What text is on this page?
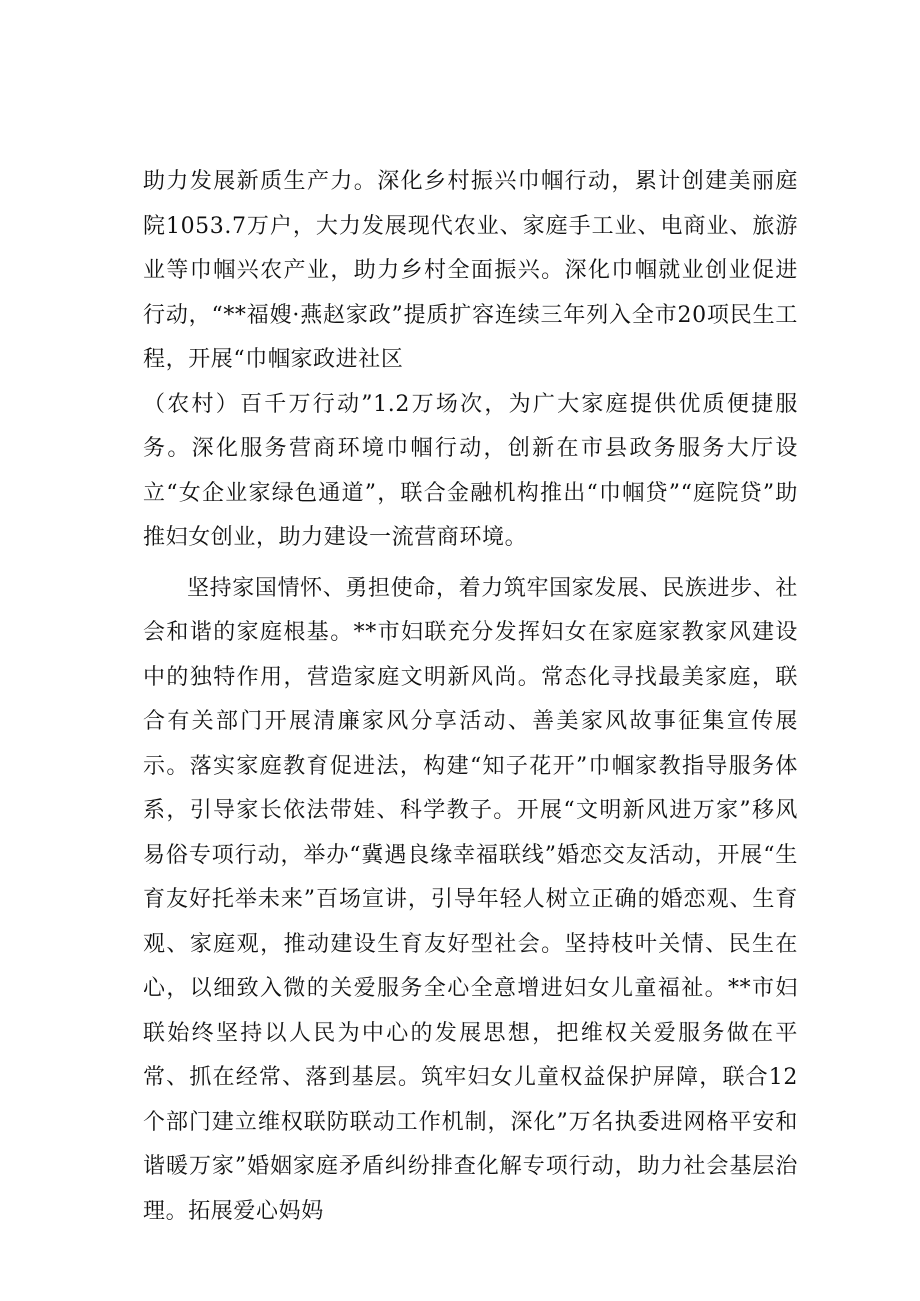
助力发展新质生产力。深化乡村振兴巾帼行动，累计创建美丽庭院1053.7万户，大力发展现代农业、家庭手工业、电商业、旅游业等巾帼兴农产业，助力乡村全面振兴。深化巾帼就业创业促进行动，“**福嫂·燕赵家政”提质扩容连续三年列入全市20项民生工程，开展“巾帼家政进社区

（农村）百千万行动”1.2万场次，为广大家庭提供优质便捷服务。深化服务营商环境巾帼行动，创新在市县政务服务大厅设立“女企业家绿色通道”，联合金融机构推出“巾帼贷”“庭院贷”助推妇女创业，助力建设一流营商环境。

坚持家国情怀、勇担使命，着力筑牢国家发展、民族进步、社会和谐的家庭根基。**市妇联充分发挥妇女在家庭家教家风建设中的独特作用，营造家庭文明新风尚。常态化寻找最美家庭，联合有关部门开展清廉家风分享活动、善美家风故事征集宣传展示。落实家庭教育促进法，构建“知子花开”巾帼家教指导服务体系，引导家长依法带娃、科学教子。开展“文明新风进万家”移风易俗专项行动，举办“冀遇良缘幸福联线”婚恋交友活动，开展“生育友好托举未来”百场宣讲，引导年轻人树立正确的婚恋观、生育观、家庭观，推动建设生育友好型社会。坚持枝叶关情、民生在心，以细致入微的关爱服务全心全意增进妇女儿童福祉。**市妇联始终坚持以人民为中心的发展思想，把维权关爱服务做在平常、抓在经常、落到基层。筑牢妇女儿童权益保护屏障，联合12个部门建立维权联防联动工作机制，深化”万名执委进网格平安和谐暖万家”婚姻家庭矛盾纠纷排查化解专项行动，助力社会基层治理。拓展爱心妈妈
